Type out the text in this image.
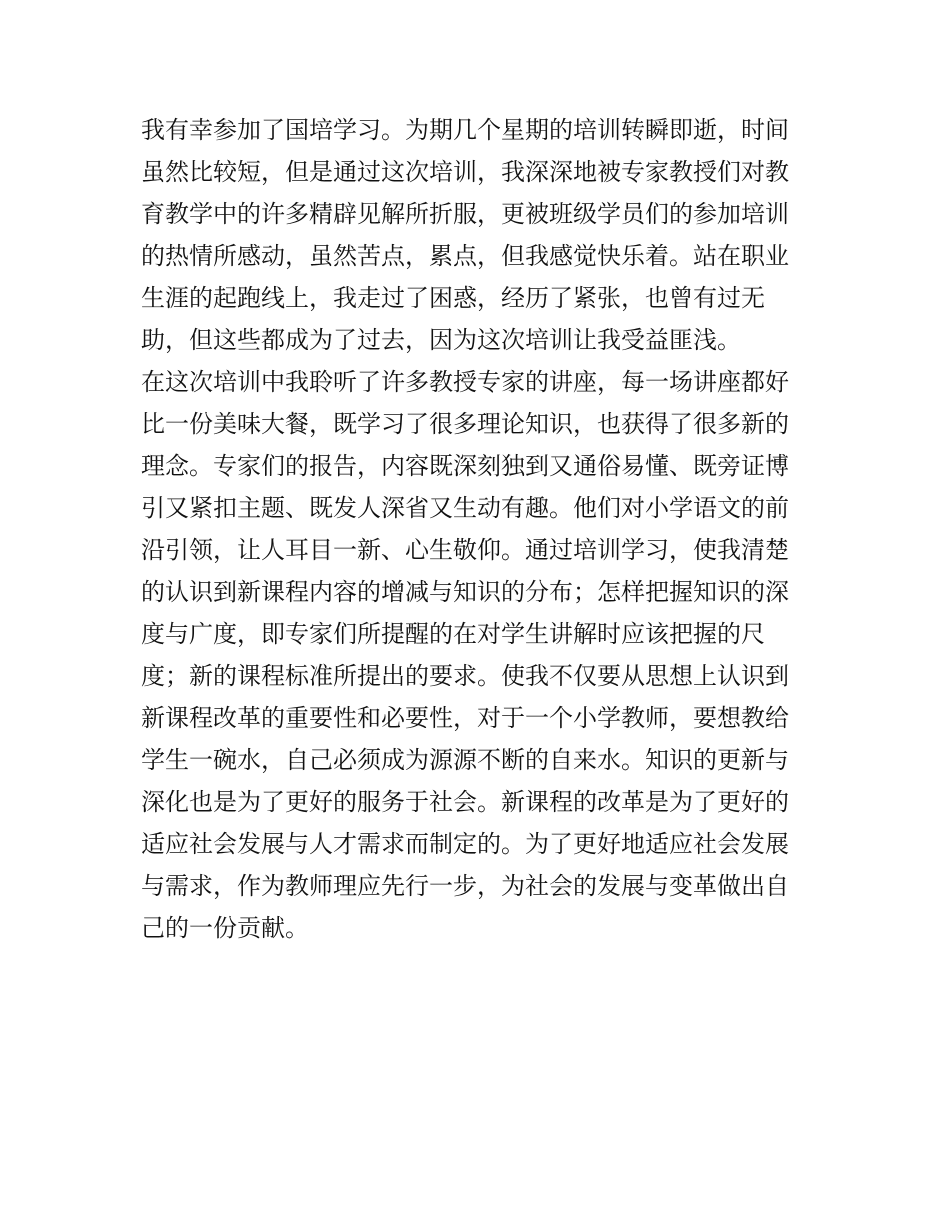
我有幸参加了国培学习。为期几个星期的培训转瞬即逝，时间
虽然比较短，但是通过这次培训，我深深地被专家教授们对教
育教学中的许多精辟见解所折服，更被班级学员们的参加培训
的热情所感动，虽然苦点，累点，但我感觉快乐着。站在职业
生涯的起跑线上，我走过了困惑，经历了紧张，也曾有过无
助，但这些都成为了过去，因为这次培训让我受益匪浅。
在这次培训中我聆听了许多教授专家的讲座，每一场讲座都好
比一份美味大餐，既学习了很多理论知识，也获得了很多新的
理念。专家们的报告，内容既深刻独到又通俗易懂、既旁证博
引又紧扣主题、既发人深省又生动有趣。他们对小学语文的前
沿引领，让人耳目一新、心生敬仰。通过培训学习，使我清楚
的认识到新课程内容的增减与知识的分布；怎样把握知识的深
度与广度，即专家们所提醒的在对学生讲解时应该把握的尺
度；新的课程标准所提出的要求。使我不仅要从思想上认识到
新课程改革的重要性和必要性，对于一个小学教师，要想教给
学生一碗水，自己必须成为源源不断的自来水。知识的更新与
深化也是为了更好的服务于社会。新课程的改革是为了更好的
适应社会发展与人才需求而制定的。为了更好地适应社会发展
与需求，作为教师理应先行一步，为社会的发展与变革做出自
己的一份贡献。
